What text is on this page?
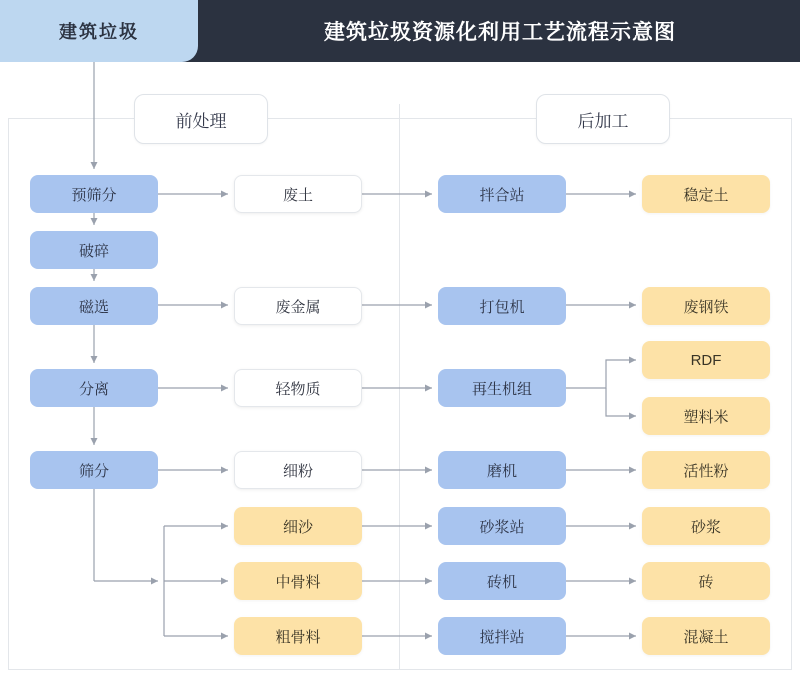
建筑垃圾资源化利用工艺流程示意图
建筑垃圾
前处理	后加工
预筛分
破碎
磁选
分离
筛分
废土
废金属
轻物质
细粉
细沙
中骨料
粗骨料
拌合站
打包机
再生机组
磨机
砂浆站
砖机
搅拌站
稳定土
废钢铁
RDF
塑料米
活性粉
砂浆
砖
混凝土
